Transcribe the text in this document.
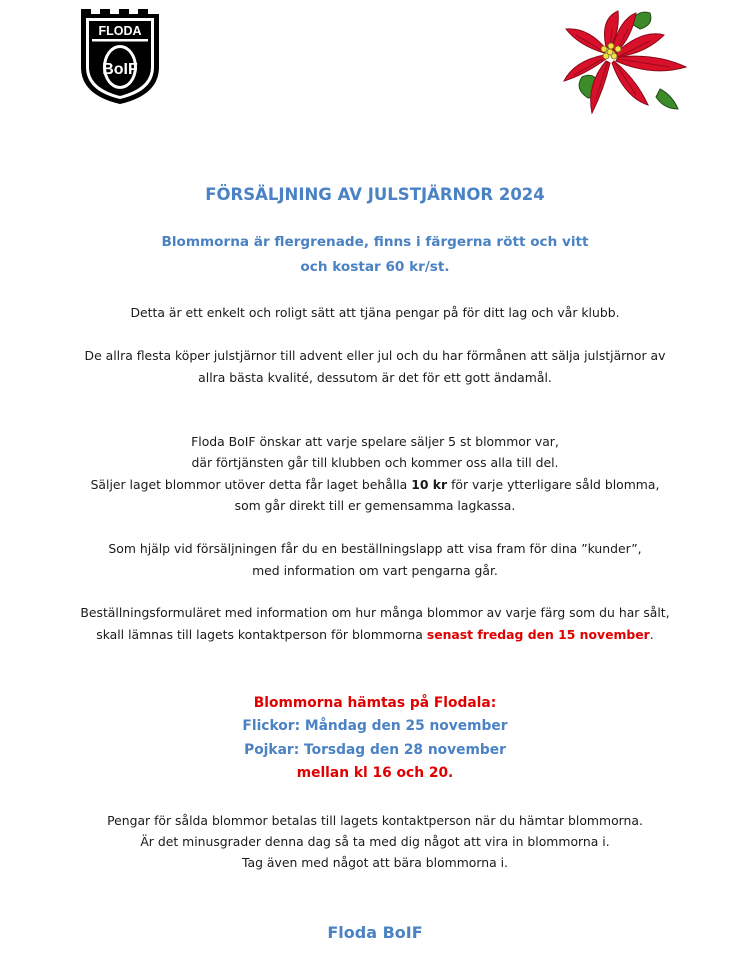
FLODA
BoIF
FÖRSÄLJNING AV JULSTJÄRNOR 2024
Blommorna är flergrenade, finns i färgerna rött och vitt
och kostar 60 kr/st.
Detta är ett enkelt och roligt sätt att tjäna pengar på för ditt lag och vår klubb.
De allra flesta köper julstjärnor till advent eller jul och du har förmånen att sälja julstjärnor av
allra bästa kvalité, dessutom är det för ett gott ändamål.
Floda BoIF önskar att varje spelare säljer 5 st blommor var,
där förtjänsten går till klubben och kommer oss alla till del.
Säljer laget blommor utöver detta får laget behålla 10 kr för varje ytterligare såld blomma,
som går direkt till er gemensamma lagkassa.
Som hjälp vid försäljningen får du en beställningslapp att visa fram för dina ”kunder”,
med information om vart pengarna går.
Beställningsformuläret med information om hur många blommor av varje färg som du har sålt,
skall lämnas till lagets kontaktperson för blommorna senast fredag den 15 november.
Blommorna hämtas på Flodala:
Flickor: Måndag den 25 november
Pojkar: Torsdag den 28 november
mellan kl 16 och 20.
Pengar för sålda blommor betalas till lagets kontaktperson när du hämtar blommorna.
Är det minusgrader denna dag så ta med dig något att vira in blommorna i.
Tag även med något att bära blommorna i.
Floda BoIF
